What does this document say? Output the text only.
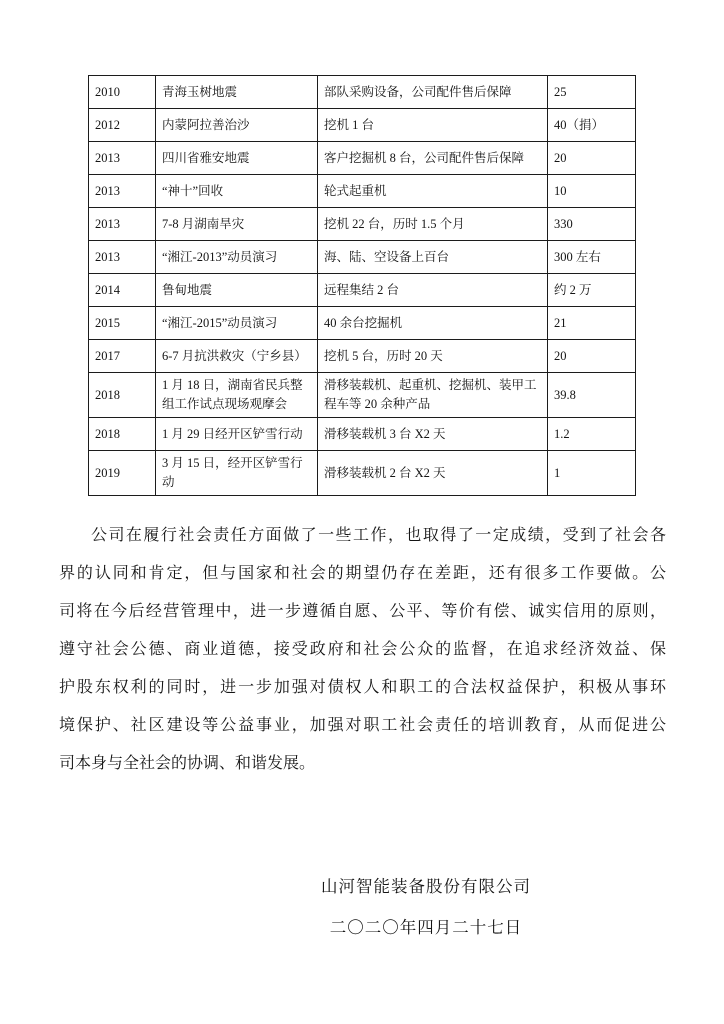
2010	青海玉树地震	部队采购设备，公司配件售后保障	25
2012	内蒙阿拉善治沙	挖机 1 台	40（捐）
2013	四川省雅安地震	客户挖掘机 8 台，公司配件售后保障	20
2013	“神十”回收	轮式起重机	10
2013	7-8 月湖南旱灾	挖机 22 台，历时 1.5 个月	330
2013	“湘江-2013”动员演习	海、陆、空设备上百台	300 左右
2014	鲁甸地震	远程集结 2 台	约 2 万
2015	“湘江-2015”动员演习	40 余台挖掘机	21
2017	6-7 月抗洪救灾（宁乡县）	挖机 5 台，历时 20 天	20
2018	1 月 18 日，湖南省民兵整组工作试点现场观摩会	滑移装载机、起重机、挖掘机、装甲工程车等 20 余种产品	39.8
2018	1 月 29 日经开区铲雪行动	滑移装载机 3 台 X2 天	1.2
2019	3 月 15 日，经开区铲雪行动	滑移装载机 2 台 X2 天	1
公司在履行社会责任方面做了一些工作，也取得了一定成绩，受到了社会各
界的认同和肯定，但与国家和社会的期望仍存在差距，还有很多工作要做。公
司将在今后经营管理中，进一步遵循自愿、公平、等价有偿、诚实信用的原则，
遵守社会公德、商业道德，接受政府和社会公众的监督，在追求经济效益、保
护股东权利的同时，进一步加强对债权人和职工的合法权益保护，积极从事环
境保护、社区建设等公益事业，加强对职工社会责任的培训教育，从而促进公
司本身与全社会的协调、和谐发展。
山河智能装备股份有限公司
二〇二〇年四月二十七日
